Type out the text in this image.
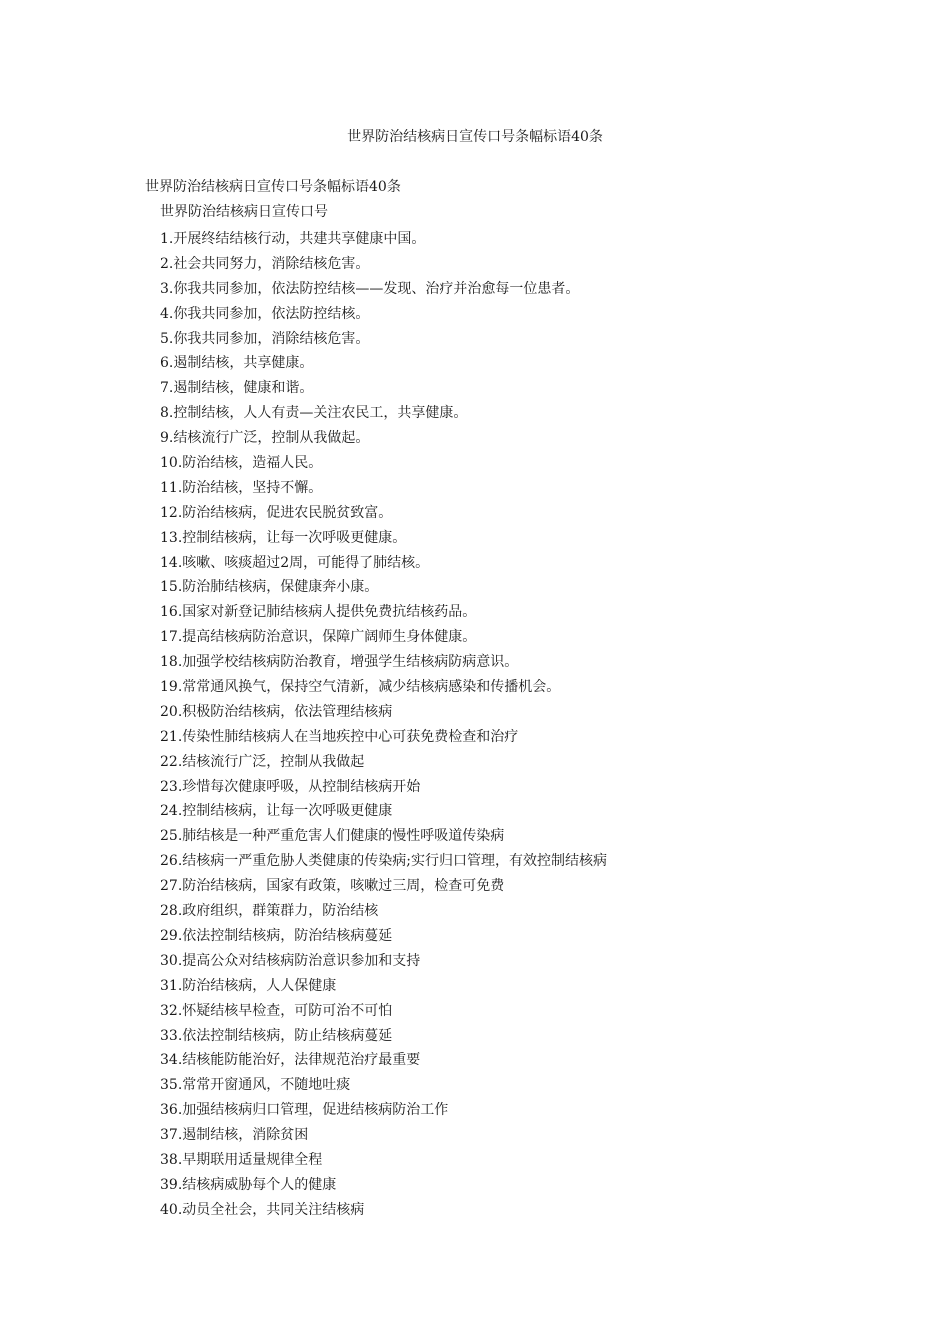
世界防治结核病日宣传口号条幅标语40条

世界防治结核病日宣传口号条幅标语40条

世界防治结核病日宣传口号

1.开展终结结核行动，共建共享健康中国。
2.社会共同努力，消除结核危害。
3.你我共同参加，依法防控结核——发现、治疗并治愈每一位患者。
4.你我共同参加，依法防控结核。
5.你我共同参加，消除结核危害。
6.遏制结核，共享健康。
7.遏制结核，健康和谐。
8.控制结核，人人有责—关注农民工，共享健康。
9.结核流行广泛，控制从我做起。
10.防治结核，造福人民。
11.防治结核，坚持不懈。
12.防治结核病，促进农民脱贫致富。
13.控制结核病，让每一次呼吸更健康。
14.咳嗽、咳痰超过2周，可能得了肺结核。
15.防治肺结核病，保健康奔小康。
16.国家对新登记肺结核病人提供免费抗结核药品。
17.提高结核病防治意识，保障广阔师生身体健康。
18.加强学校结核病防治教育，增强学生结核病防病意识。
19.常常通风换气，保持空气清新，减少结核病感染和传播机会。
20.积极防治结核病，依法管理结核病
21.传染性肺结核病人在当地疾控中心可获免费检查和治疗
22.结核流行广泛，控制从我做起
23.珍惜每次健康呼吸，从控制结核病开始
24.控制结核病，让每一次呼吸更健康
25.肺结核是一种严重危害人们健康的慢性呼吸道传染病
26.结核病一严重危胁人类健康的传染病;实行归口管理，有效控制结核病
27.防治结核病，国家有政策，咳嗽过三周，检查可免费
28.政府组织，群策群力，防治结核
29.依法控制结核病，防治结核病蔓延
30.提高公众对结核病防治意识参加和支持
31.防治结核病，人人保健康
32.怀疑结核早检查，可防可治不可怕
33.依法控制结核病，防止结核病蔓延
34.结核能防能治好，法律规范治疗最重要
35.常常开窗通风，不随地吐痰
36.加强结核病归口管理，促进结核病防治工作
37.遏制结核，消除贫困
38.早期联用适量规律全程
39.结核病威胁每个人的健康
40.动员全社会，共同关注结核病
